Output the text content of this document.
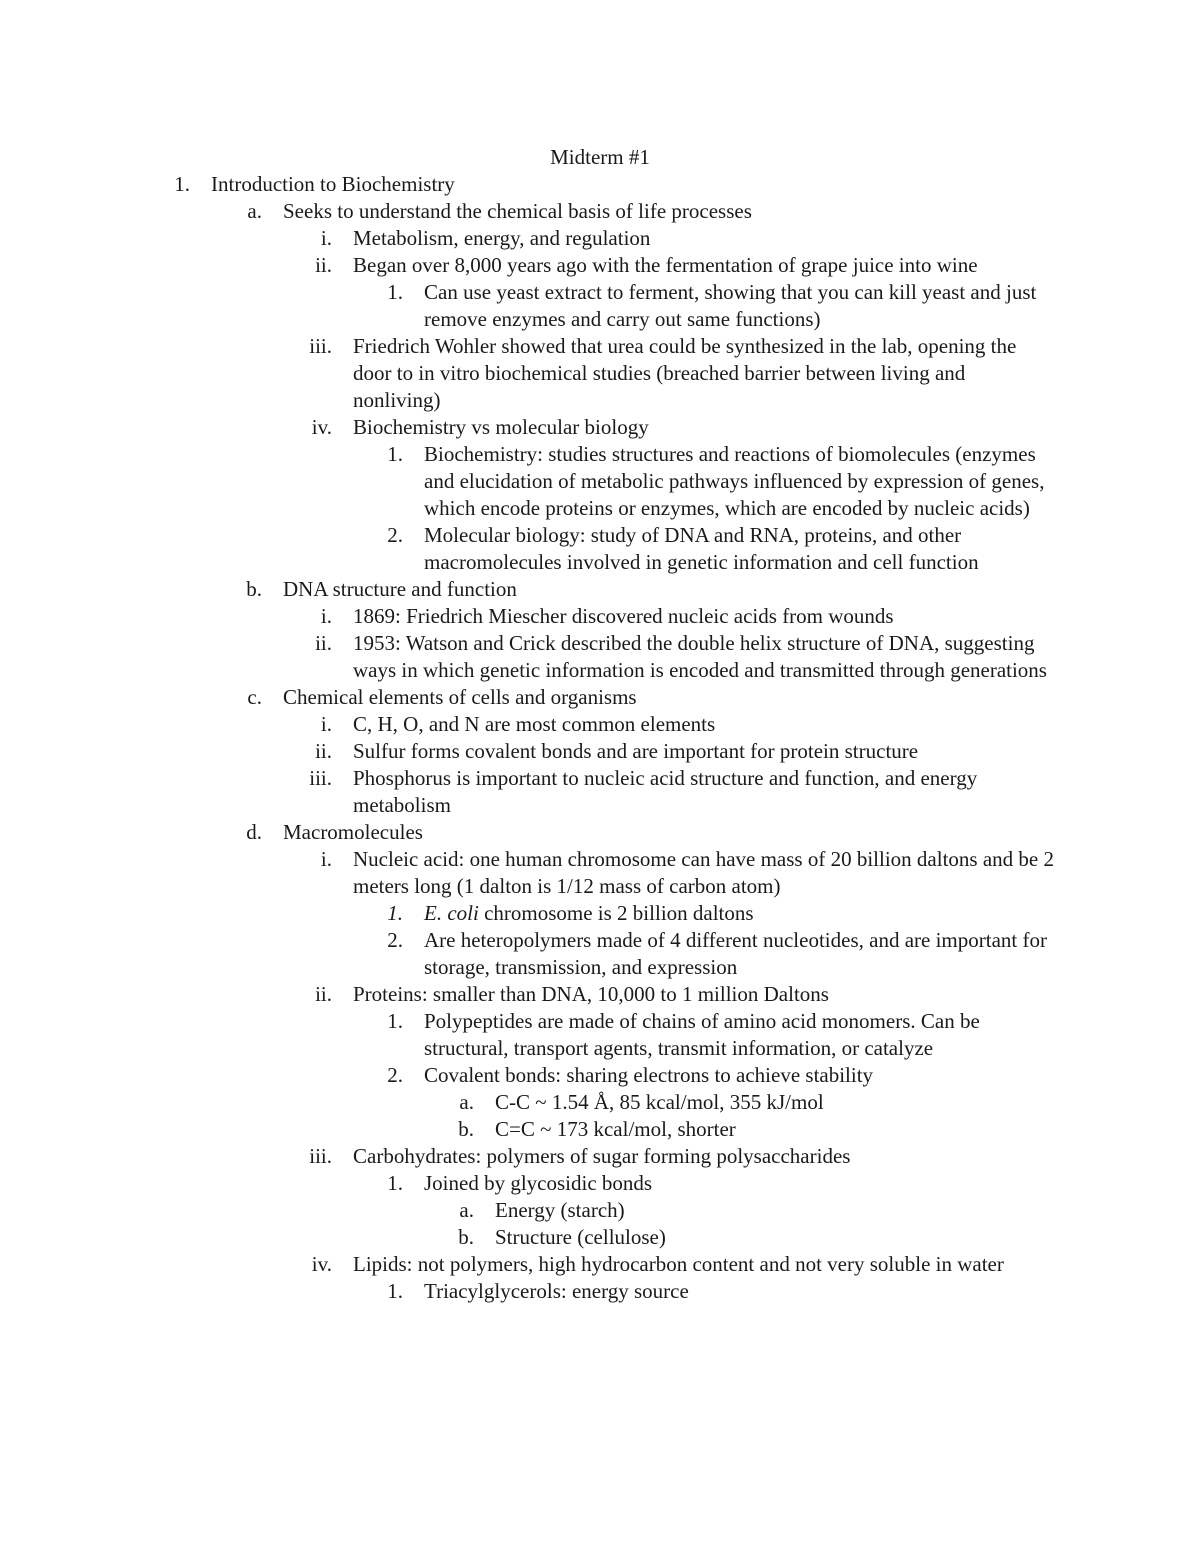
Midterm #1
1. Introduction to Biochemistry
a. Seeks to understand the chemical basis of life processes
i. Metabolism, energy, and regulation
ii. Began over 8,000 years ago with the fermentation of grape juice into wine
1. Can use yeast extract to ferment, showing that you can kill yeast and just remove enzymes and carry out same functions)
iii. Friedrich Wohler showed that urea could be synthesized in the lab, opening the door to in vitro biochemical studies (breached barrier between living and nonliving)
iv. Biochemistry vs molecular biology
1. Biochemistry: studies structures and reactions of biomolecules (enzymes and elucidation of metabolic pathways influenced by expression of genes, which encode proteins or enzymes, which are encoded by nucleic acids)
2. Molecular biology: study of DNA and RNA, proteins, and other macromolecules involved in genetic information and cell function
b. DNA structure and function
i. 1869: Friedrich Miescher discovered nucleic acids from wounds
ii. 1953: Watson and Crick described the double helix structure of DNA, suggesting ways in which genetic information is encoded and transmitted through generations
c. Chemical elements of cells and organisms
i. C, H, O, and N are most common elements
ii. Sulfur forms covalent bonds and are important for protein structure
iii. Phosphorus is important to nucleic acid structure and function, and energy metabolism
d. Macromolecules
i. Nucleic acid: one human chromosome can have mass of 20 billion daltons and be 2 meters long (1 dalton is 1/12 mass of carbon atom)
1. E. coli chromosome is 2 billion daltons
2. Are heteropolymers made of 4 different nucleotides, and are important for storage, transmission, and expression
ii. Proteins: smaller than DNA, 10,000 to 1 million Daltons
1. Polypeptides are made of chains of amino acid monomers. Can be structural, transport agents, transmit information, or catalyze
2. Covalent bonds: sharing electrons to achieve stability
a. C-C ~ 1.54 Å, 85 kcal/mol, 355 kJ/mol
b. C=C ~ 173 kcal/mol, shorter
iii. Carbohydrates: polymers of sugar forming polysaccharides
1. Joined by glycosidic bonds
a. Energy (starch)
b. Structure (cellulose)
iv. Lipids: not polymers, high hydrocarbon content and not very soluble in water
1. Triacylglycerols: energy source
